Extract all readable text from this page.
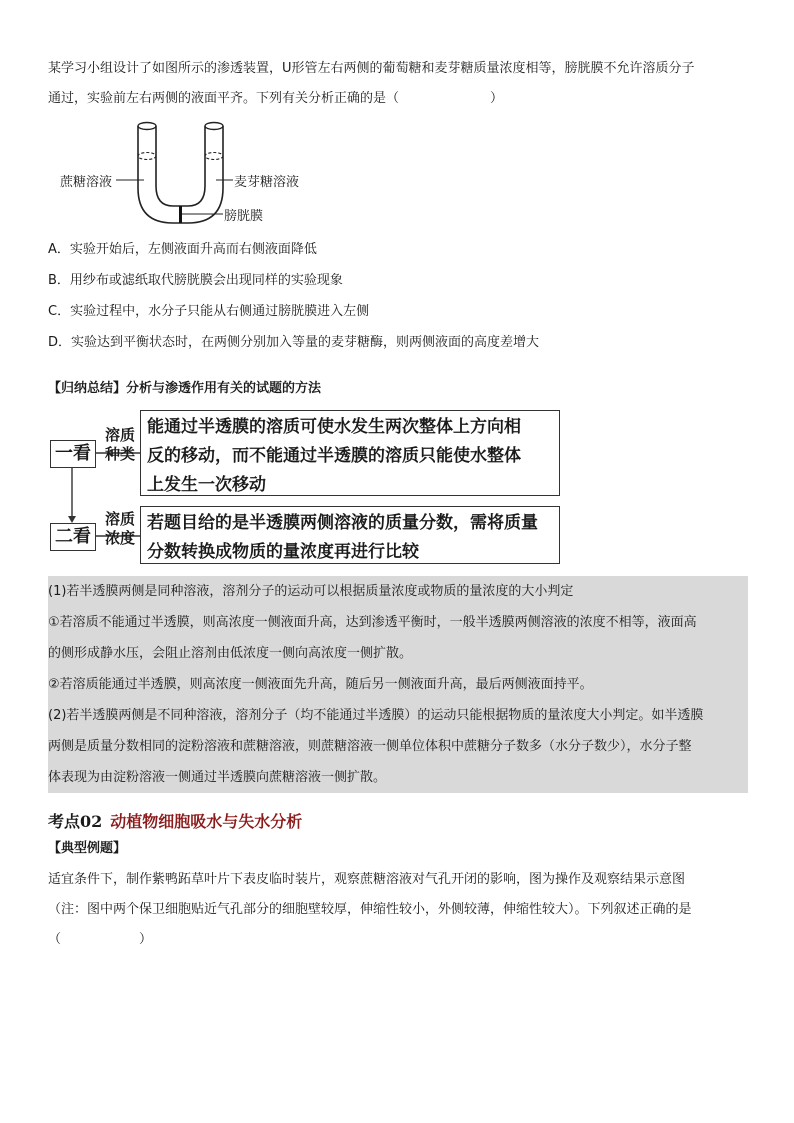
某学习小组设计了如图所示的渗透装置，U形管左右两侧的葡萄糖和麦芽糖质量浓度相等，膀胱膜不允许溶质分子

通过，实验前左右两侧的液面平齐。下列有关分析正确的是（　　　　　　　）

蔗糖溶液	麦芽糖溶液
膀胱膜

A．实验开始后，左侧液面升高而右侧液面降低

B．用纱布或滤纸取代膀胱膜会出现同样的实验现象

C．实验过程中，水分子只能从右侧通过膀胱膜进入左侧

D．实验达到平衡状态时，在两侧分别加入等量的麦芽糖酶，则两侧液面的高度差增大

【归纳总结】分析与渗透作用有关的试题的方法

一看
溶质
种类
能通过半透膜的溶质可使水发生两次整体上方向相
反的移动，而不能通过半透膜的溶质只能使水整体
上发生一次移动
二看
溶质
浓度
若题目给的是半透膜两侧溶液的质量分数，需将质量
分数转换成物质的量浓度再进行比较

(1)若半透膜两侧是同种溶液，溶剂分子的运动可以根据质量浓度或物质的量浓度的大小判定

①若溶质不能通过半透膜，则高浓度一侧液面升高，达到渗透平衡时，一般半透膜两侧溶液的浓度不相等，液面高

的侧形成静水压，会阻止溶剂由低浓度一侧向高浓度一侧扩散。

②若溶质能通过半透膜，则高浓度一侧液面先升高，随后另一侧液面升高，最后两侧液面持平。

(2)若半透膜两侧是不同种溶液，溶剂分子（均不能通过半透膜）的运动只能根据物质的量浓度大小判定。如半透膜

两侧是质量分数相同的淀粉溶液和蔗糖溶液，则蔗糖溶液一侧单位体积中蔗糖分子数多（水分子数少），水分子整

体表现为由淀粉溶液一侧通过半透膜向蔗糖溶液一侧扩散。

考点02 动植物细胞吸水与失水分析

【典型例题】

适宜条件下，制作紫鸭跖草叶片下表皮临时装片，观察蔗糖溶液对气孔开闭的影响，图为操作及观察结果示意图

（注：图中两个保卫细胞贴近气孔部分的细胞壁较厚，伸缩性较小，外侧较薄，伸缩性较大）。下列叙述正确的是

（　　　　　　）
